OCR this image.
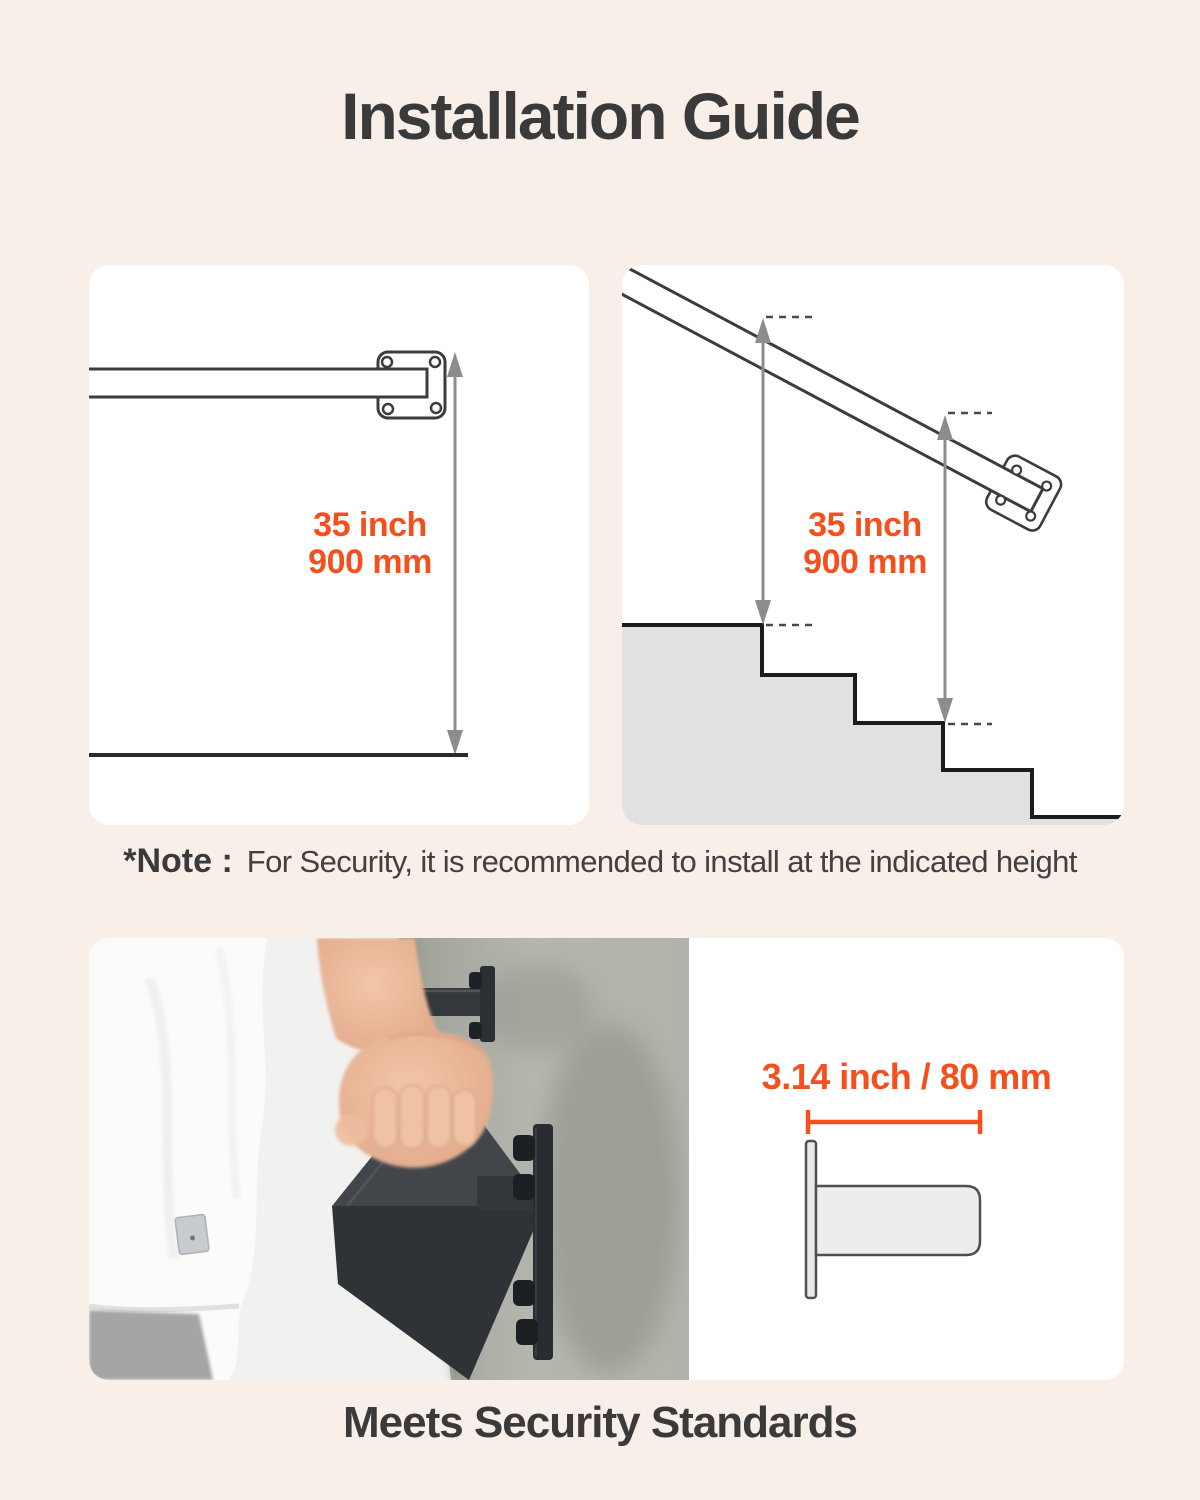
Installation Guide
35 inch
900 mm
35 inch
900 mm
*Note : For Security, it is recommended to install at the indicated height
3.14 inch / 80 mm
Meets Security Standards
